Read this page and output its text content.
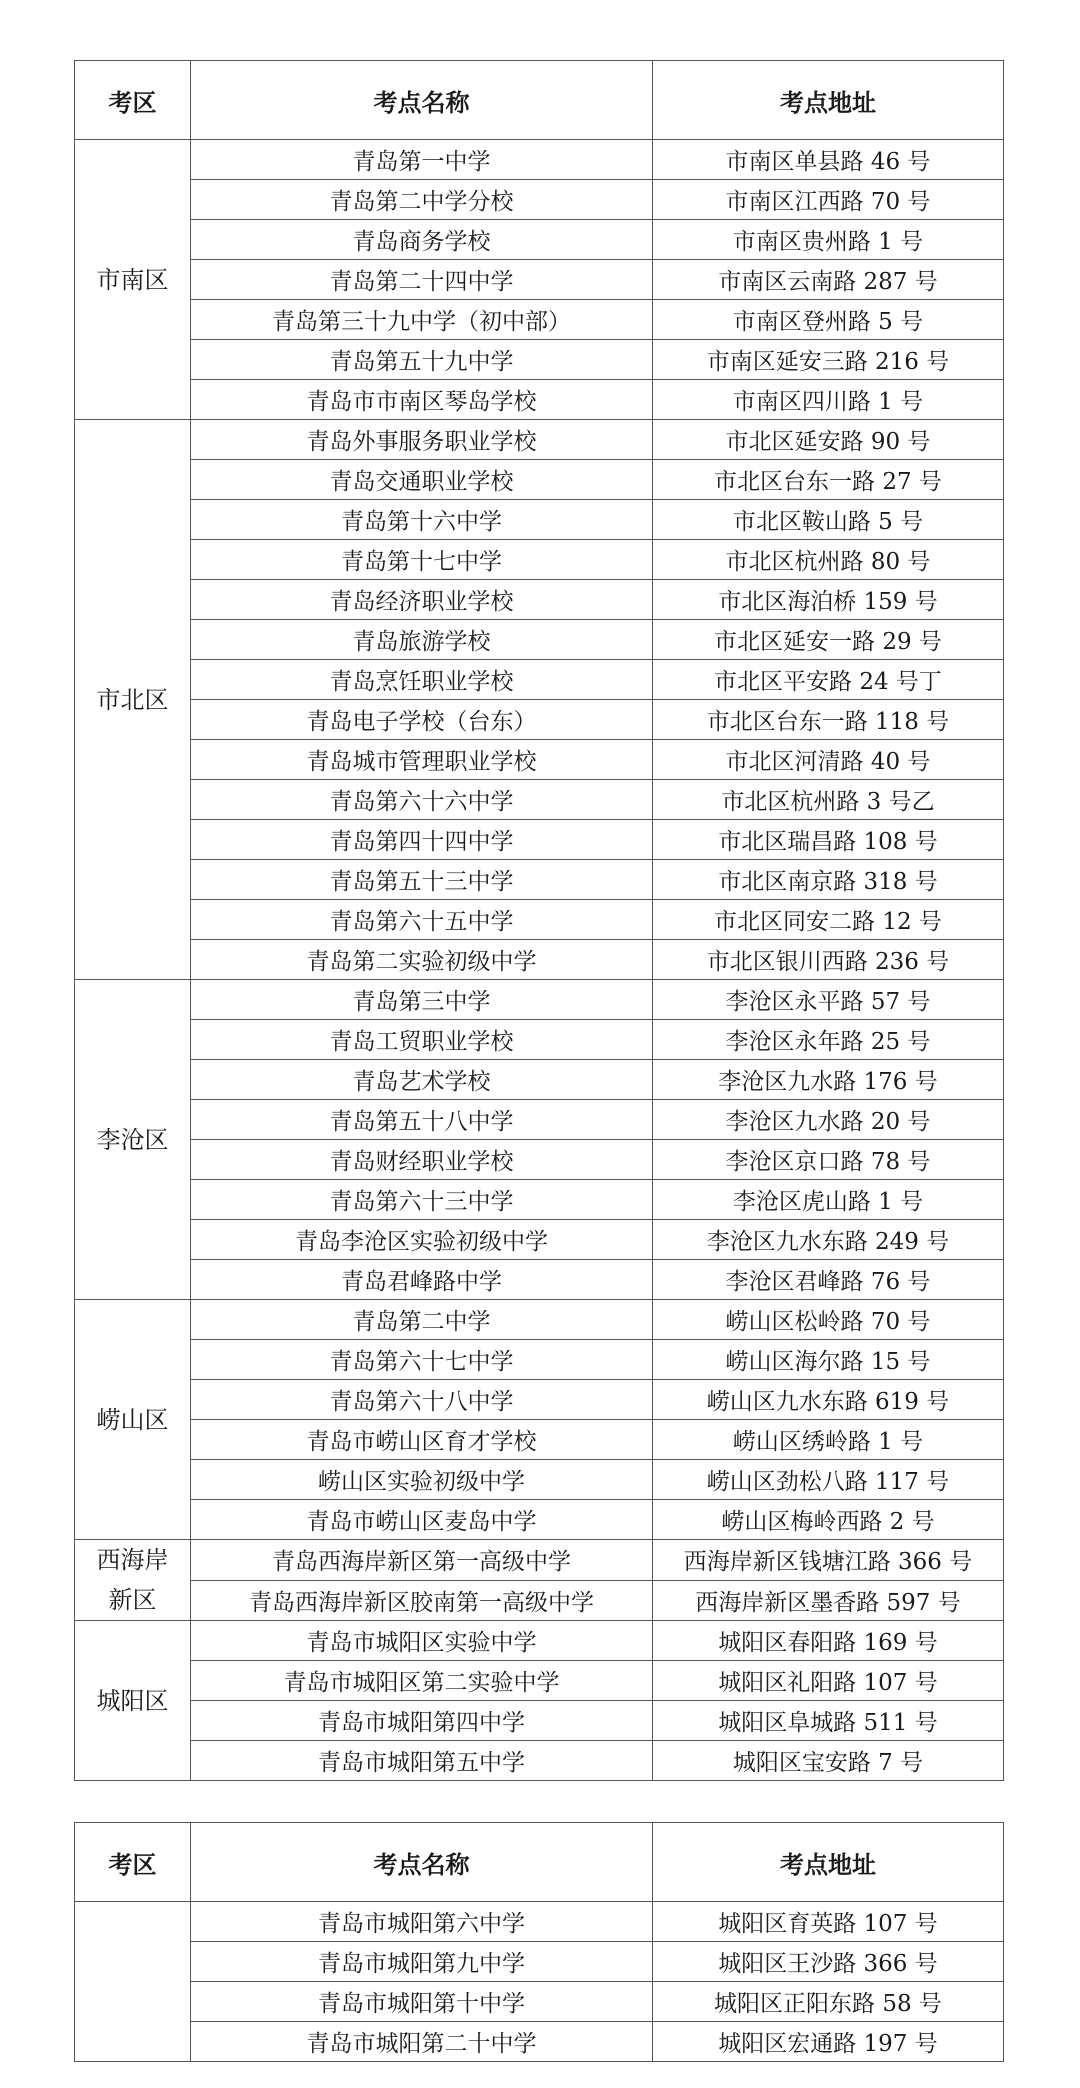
考区	考点名称	考点地址
市南区	青岛第一中学	市南区单县路 46 号
	青岛第二中学分校	市南区江西路 70 号
	青岛商务学校	市南区贵州路 1 号
	青岛第二十四中学	市南区云南路 287 号
	青岛第三十九中学（初中部）	市南区登州路 5 号
	青岛第五十九中学	市南区延安三路 216 号
	青岛市市南区琴岛学校	市南区四川路 1 号
市北区	青岛外事服务职业学校	市北区延安路 90 号
	青岛交通职业学校	市北区台东一路 27 号
	青岛第十六中学	市北区鞍山路 5 号
	青岛第十七中学	市北区杭州路 80 号
	青岛经济职业学校	市北区海泊桥 159 号
	青岛旅游学校	市北区延安一路 29 号
	青岛烹饪职业学校	市北区平安路 24 号丁
	青岛电子学校（台东）	市北区台东一路 118 号
	青岛城市管理职业学校	市北区河清路 40 号
	青岛第六十六中学	市北区杭州路 3 号乙
	青岛第四十四中学	市北区瑞昌路 108 号
	青岛第五十三中学	市北区南京路 318 号
	青岛第六十五中学	市北区同安二路 12 号
	青岛第二实验初级中学	市北区银川西路 236 号
李沧区	青岛第三中学	李沧区永平路 57 号
	青岛工贸职业学校	李沧区永年路 25 号
	青岛艺术学校	李沧区九水路 176 号
	青岛第五十八中学	李沧区九水路 20 号
	青岛财经职业学校	李沧区京口路 78 号
	青岛第六十三中学	李沧区虎山路 1 号
	青岛李沧区实验初级中学	李沧区九水东路 249 号
	青岛君峰路中学	李沧区君峰路 76 号
崂山区	青岛第二中学	崂山区松岭路 70 号
	青岛第六十七中学	崂山区海尔路 15 号
	青岛第六十八中学	崂山区九水东路 619 号
	青岛市崂山区育才学校	崂山区绣岭路 1 号
	崂山区实验初级中学	崂山区劲松八路 117 号
	青岛市崂山区麦岛中学	崂山区梅岭西路 2 号
西海岸
新区	青岛西海岸新区第一高级中学	西海岸新区钱塘江路 366 号
	青岛西海岸新区胶南第一高级中学	西海岸新区墨香路 597 号
城阳区	青岛市城阳区实验中学	城阳区春阳路 169 号
	青岛市城阳区第二实验中学	城阳区礼阳路 107 号
	青岛市城阳第四中学	城阳区阜城路 511 号
	青岛市城阳第五中学	城阳区宝安路 7 号
考区	考点名称	考点地址
	青岛市城阳第六中学	城阳区育英路 107 号
	青岛市城阳第九中学	城阳区王沙路 366 号
	青岛市城阳第十中学	城阳区正阳东路 58 号
	青岛市城阳第二十中学	城阳区宏通路 197 号
